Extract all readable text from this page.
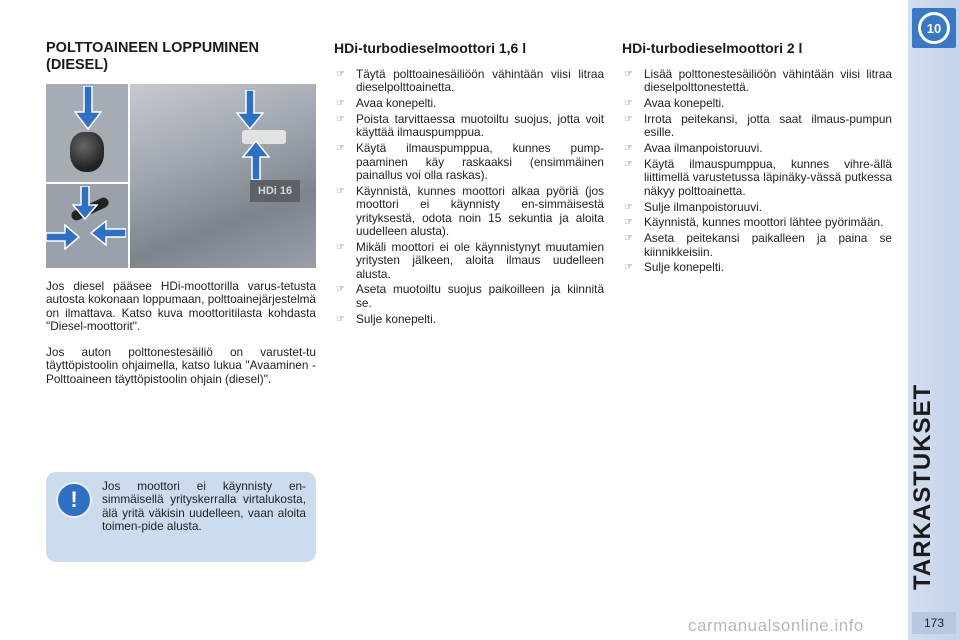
10
TARKASTUKSET
173
POLTTOAINEEN LOPPUMINEN
(DIESEL)
HDi 16

Jos diesel pääsee HDi-moottorilla varus-tetusta autosta kokonaan loppumaan, polttoainejärjestelmä on ilmattava. Katso kuva moottoritilasta kohdasta "Diesel-moottorit".

Jos auton polttonestesäiliö on varustet-tu täyttöpistoolin ohjaimella, katso lukua "Avaaminen - Polttoaineen täyttöpistoolin ohjain (diesel)".

HDi-turbodieselmoottori 1,6 l
☞ Täytä polttoainesäiliöön vähintään viisi litraa dieselpolttoainetta.
☞ Avaa konepelti.
☞ Poista tarvittaessa muotoiltu suojus, jotta voit käyttää ilmauspumppua.
☞ Käytä ilmauspumppua, kunnes pump-paaminen käy raskaaksi (ensimmäinen painallus voi olla raskas).
☞ Käynnistä, kunnes moottori alkaa pyöriä (jos moottori ei käynnisty en-simmäisestä yrityksestä, odota noin 15 sekuntia ja aloita uudelleen alusta).
☞ Mikäli moottori ei ole käynnistynyt muutamien yritysten jälkeen, aloita ilmaus uudelleen alusta.
☞ Aseta muotoiltu suojus paikoilleen ja kiinnitä se.
☞ Sulje konepelti.
HDi-turbodieselmoottori 2 l
☞ Lisää polttonestesäiliöön vähintään viisi litraa dieselpolttonestettä.
☞ Avaa konepelti.
☞ Irrota peitekansi, jotta saat ilmaus-pumpun esille.
☞ Avaa ilmanpoistoruuvi.
☞ Käytä ilmauspumppua, kunnes vihre-ällä liittimellä varustetussa läpinäky-vässä putkessa näkyy polttoainetta.
☞ Sulje ilmanpoistoruuvi.
☞ Käynnistä, kunnes moottori lähtee pyörimään.
☞ Aseta peitekansi paikalleen ja paina se kiinnikkeisiin.
☞ Sulje konepelti.
!

Jos moottori ei käynnisty en-simmäisellä yrityskerralla virtalukosta, älä yritä väkisin uudelleen, vaan aloita toimen-pide alusta.

carmanualsonline.info
